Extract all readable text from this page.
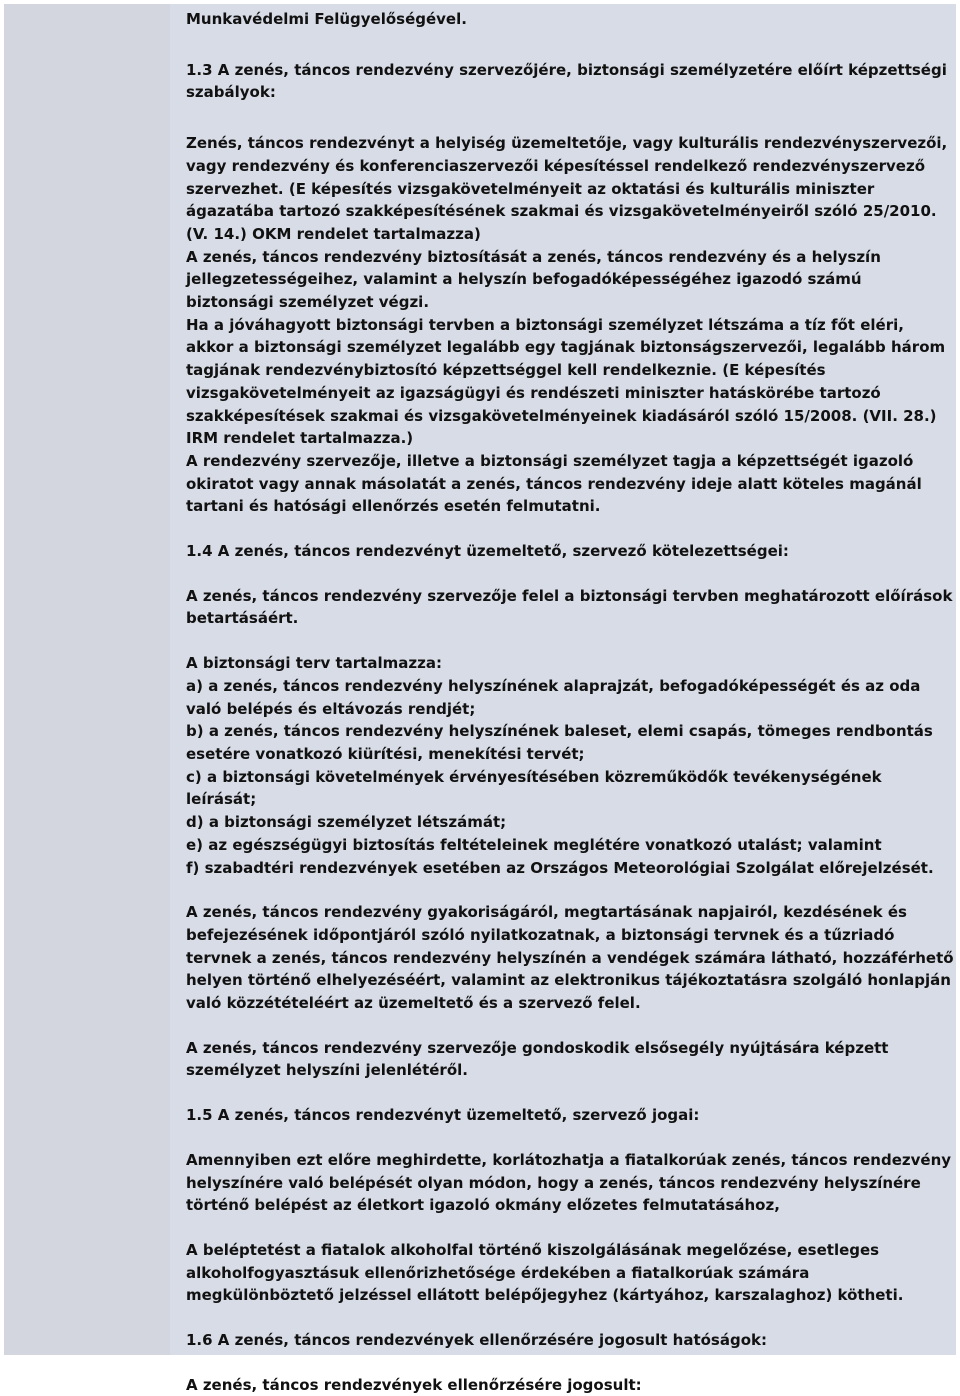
Munkavédelmi Felügyelőségével.

1.3 A zenés, táncos rendezvény szervezőjére, biztonsági személyzetére előírt képzettségi szabályok:

Zenés, táncos rendezvényt a helyiség üzemeltetője, vagy kulturális rendezvényszervezői, vagy rendezvény és konferenciaszervezői képesítéssel rendelkező rendezvényszervező szervezhet. (E képesítés vizsgakövetelményeit az oktatási és kulturális miniszter ágazatába tartozó szakképesítésének szakmai és vizsgakövetelményeiről szóló 25/2010. (V. 14.) OKM rendelet tartalmazza)

A zenés, táncos rendezvény biztosítását a zenés, táncos rendezvény és a helyszín jellegzetességeihez, valamint a helyszín befogadóképességéhez igazodó számú biztonsági személyzet végzi.

Ha a jóváhagyott biztonsági tervben a biztonsági személyzet létszáma a tíz főt eléri, akkor a biztonsági személyzet legalább egy tagjának biztonságszervezői, legalább három tagjának rendezvénybiztosító képzettséggel kell rendelkeznie. (E képesítés vizsgakövetelményeit az igazságügyi és rendészeti miniszter hatáskörébe tartozó szakképesítések szakmai és vizsgakövetelményeinek kiadásáról szóló 15/2008. (VII. 28.) IRM rendelet tartalmazza.)

A rendezvény szervezője, illetve a biztonsági személyzet tagja a képzettségét igazoló okiratot vagy annak másolatát a zenés, táncos rendezvény ideje alatt köteles magánál tartani és hatósági ellenőrzés esetén felmutatni.

1.4 A zenés, táncos rendezvényt üzemeltető, szervező kötelezettségei:

A zenés, táncos rendezvény szervezője felel a biztonsági tervben meghatározott előírások betartásáért.

A biztonsági terv tartalmazza:

a) a zenés, táncos rendezvény helyszínének alaprajzát, befogadóképességét és az oda való belépés és eltávozás rendjét;

b) a zenés, táncos rendezvény helyszínének baleset, elemi csapás, tömeges rendbontás esetére vonatkozó kiürítési, menekítési tervét;

c) a biztonsági követelmények érvényesítésében közreműködők tevékenységének leírását;

d) a biztonsági személyzet létszámát;

e) az egészségügyi biztosítás feltételeinek meglétére vonatkozó utalást; valamint

f) szabadtéri rendezvények esetében az Országos Meteorológiai Szolgálat előrejelzését.

A zenés, táncos rendezvény gyakoriságáról, megtartásának napjairól, kezdésének és befejezésének időpontjáról szóló nyilatkozatnak, a biztonsági tervnek és a tűzriadó tervnek a zenés, táncos rendezvény helyszínén a vendégek számára látható, hozzáférhető helyen történő elhelyezéséért, valamint az elektronikus tájékoztatásra szolgáló honlapján való közzétételéért az üzemeltető és a szervező felel.

A zenés, táncos rendezvény szervezője gondoskodik elsősegély nyújtására képzett személyzet helyszíni jelenlétéről.

1.5 A zenés, táncos rendezvényt üzemeltető, szervező jogai:

Amennyiben ezt előre meghirdette, korlátozhatja a fiatalkorúak zenés, táncos rendezvény helyszínére való belépését olyan módon, hogy a zenés, táncos rendezvény helyszínére történő belépést az életkort igazoló okmány előzetes felmutatásához,

A beléptetést a fiatalok alkoholfal történő kiszolgálásának megelőzése, esetleges alkoholfogyasztásuk ellenőrizhetősége érdekében a fiatalkorúak számára megkülönböztető jelzéssel ellátott belépőjegyhez (kártyához, karszalaghoz) kötheti.

1.6 A zenés, táncos rendezvények ellenőrzésére jogosult hatóságok:

A zenés, táncos rendezvények ellenőrzésére jogosult:
